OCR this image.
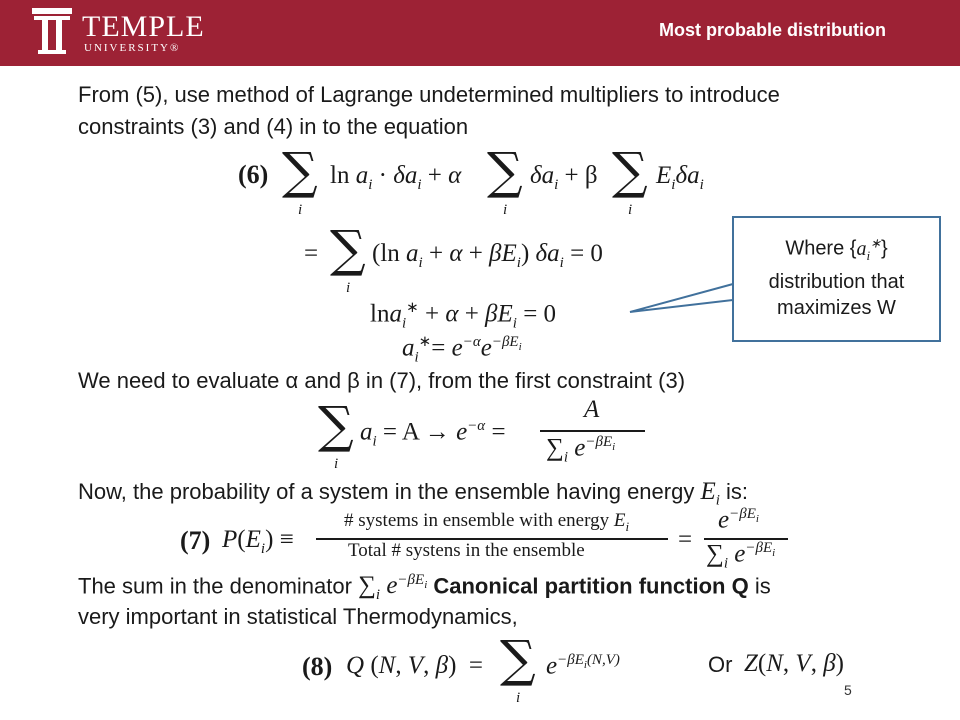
TEMPLE
UNIVERSITY®
Most probable distribution
From (5), use method of Lagrange undetermined multipliers to introduce
constraints (3) and (4) in to the equation
(6) ∑
i
$\ln a_i \cdot \delta a_i + \alpha$ ∑
i
$\delta a_i + \beta$ ∑
i
$E_i\delta a_i$
= ∑
i
(ln $a_i + \alpha + \beta E_i$) $\delta a_i = 0$
$\ln a_i^∗ + \alpha + \beta E_i = 0$
$a_i^∗= e^{-\alpha}e^{-\beta E_i}$
Where $\{a_i^∗\}$
distribution that
maximizes W
We need to evaluate α and β in (7), from the first constraint (3)
∑
i
$a_i = A \to e^{-\alpha}$ =
A
$\sum_i$ $e^{-\beta E_i}$
Now, the probability of a system in the ensemble having energy $E_i$ is:
(7) $P(E_i)$ ≡
# systems in ensemble with energy $E_i$
Total # systens in the ensemble	=
$e^{-\beta E_i}$
$\sum_i$ $e^{-\beta E_i}$
The sum in the denominator $\sum_i$ $e^{-\beta E_i}$ Canonical partition function Q is
very important in statistical Thermodynamics,
(8) Q (N, V, β)  = ∑
i
$e^{-\beta E_i(N,V)}$	Or Z(N, V, β)
5
